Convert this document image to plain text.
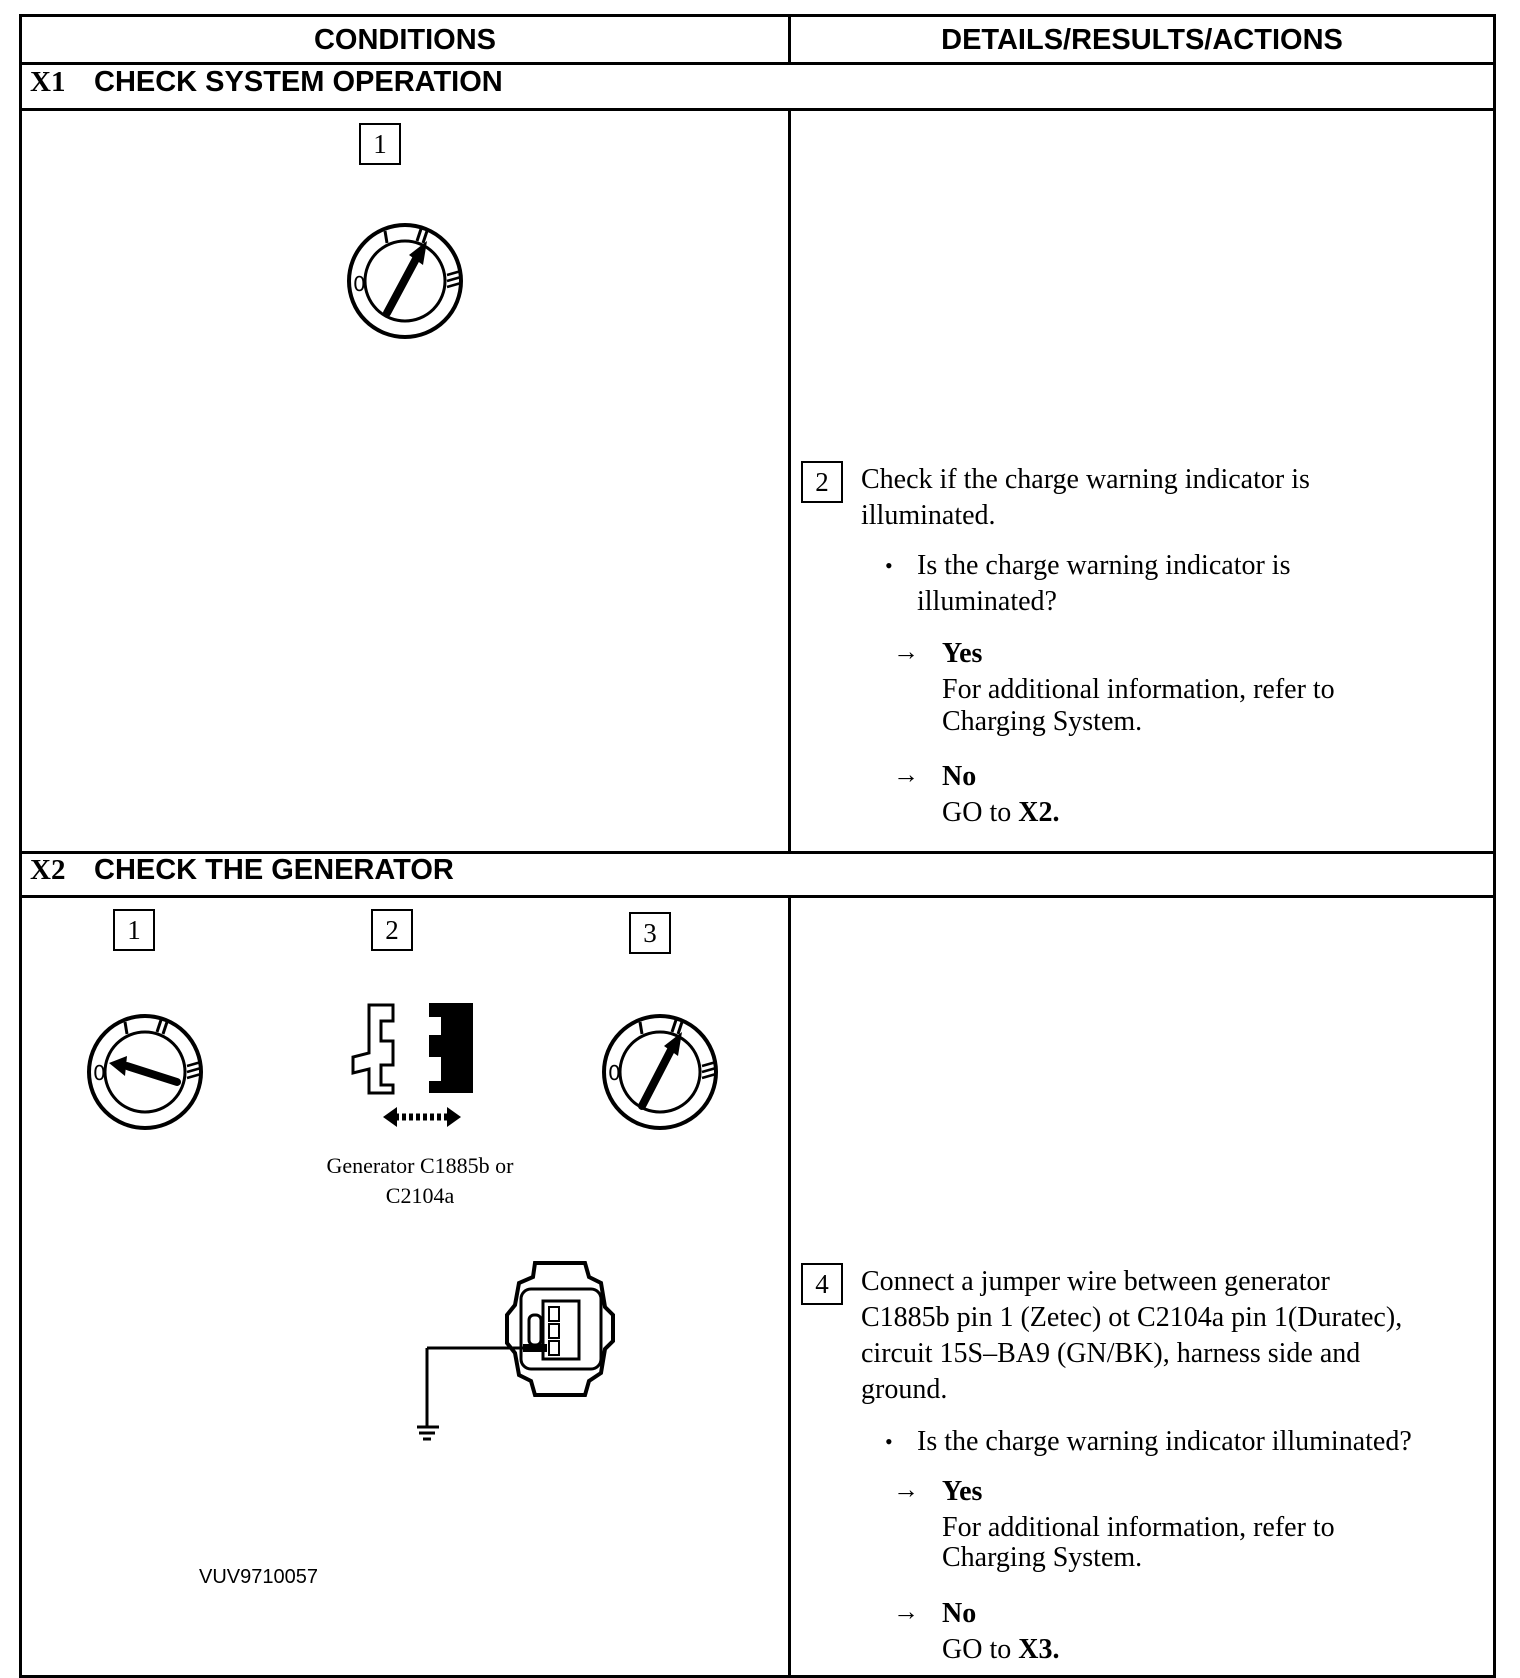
CONDITIONS	DETAILS/RESULTS/ACTIONS
X1 CHECK SYSTEM OPERATION
1
0
2	Check if the charge warning indicator is
illuminated.
• Is the charge warning indicator is
illuminated?
→ Yes
For additional information, refer to
Charging System.
→ No
GO to X2.
X2 CHECK THE GENERATOR
1	2	3
0
Generator C1885b or
C2104a
0
VUV9710057
4	Connect a jumper wire between generator
C1885b pin 1 (Zetec) ot C2104a pin 1(Duratec),
circuit 15S–BA9 (GN/BK), harness side and
ground.
• Is the charge warning indicator illuminated?
→ Yes
For additional information, refer to
Charging System.
→ No
GO to X3.
